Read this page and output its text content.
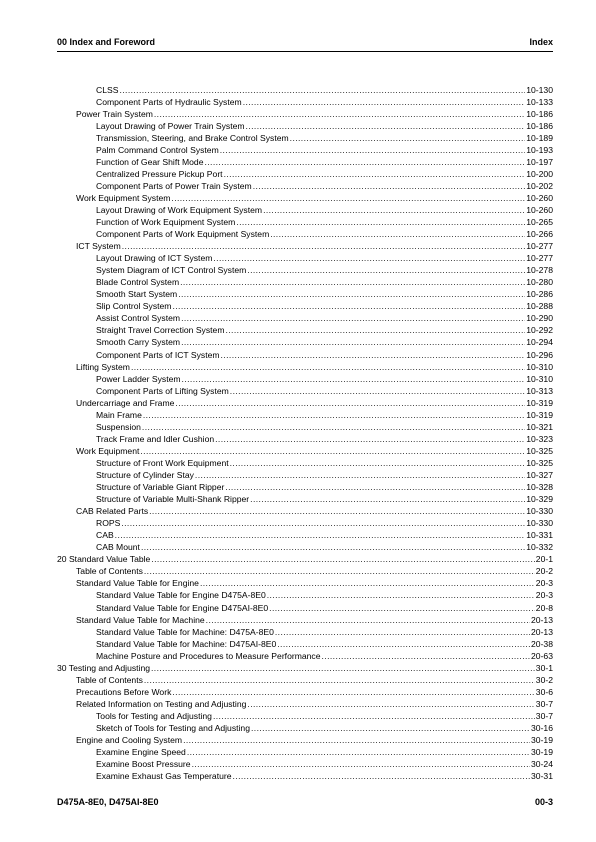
00 Index and Foreword	Index
CLSS .....	10-130
Component Parts of Hydraulic System .....	10-133
Power Train System .....	10-186
Layout Drawing of Power Train System .....	10-186
Transmission, Steering, and Brake Control System .....	10-189
Palm Command Control System .....	10-193
Function of Gear Shift Mode .....	10-197
Centralized Pressure Pickup Port .....	10-200
Component Parts of Power Train System .....	10-202
Work Equipment System .....	10-260
Layout Drawing of Work Equipment System .....	10-260
Function of Work Equipment System .....	10-265
Component Parts of Work Equipment System .....	10-266
ICT System .....	10-277
Layout Drawing of ICT System .....	10-277
System Diagram of ICT Control System .....	10-278
Blade Control System .....	10-280
Smooth Start System .....	10-286
Slip Control System .....	10-288
Assist Control System .....	10-290
Straight Travel Correction System .....	10-292
Smooth Carry System .....	10-294
Component Parts of ICT System .....	10-296
Lifting System .....	10-310
Power Ladder System .....	10-310
Component Parts of Lifting System .....	10-313
Undercarriage and Frame .....	10-319
Main Frame .....	10-319
Suspension .....	10-321
Track Frame and Idler Cushion .....	10-323
Work Equipment .....	10-325
Structure of Front Work Equipment .....	10-325
Structure of Cylinder Stay .....	10-327
Structure of Variable Giant Ripper .....	10-328
Structure of Variable Multi-Shank Ripper .....	10-329
CAB Related Parts .....	10-330
ROPS .....	10-330
CAB .....	10-331
CAB Mount .....	10-332
20 Standard Value Table .....	20-1
Table of Contents .....	20-2
Standard Value Table for Engine .....	20-3
Standard Value Table for Engine D475A-8E0 .....	20-3
Standard Value Table for Engine D475AI-8E0 .....	20-8
Standard Value Table for Machine .....	20-13
Standard Value Table for Machine: D475A-8E0 .....	20-13
Standard Value Table for Machine: D475AI-8E0 .....	20-38
Machine Posture and Procedures to Measure Performance .....	20-63
30 Testing and Adjusting .....	30-1
Table of Contents .....	30-2
Precautions Before Work .....	30-6
Related Information on Testing and Adjusting .....	30-7
Tools for Testing and Adjusting .....	30-7
Sketch of Tools for Testing and Adjusting .....	30-16
Engine and Cooling System .....	30-19
Examine Engine Speed .....	30-19
Examine Boost Pressure .....	30-24
Examine Exhaust Gas Temperature .....	30-31
D475A-8E0, D475AI-8E0	00-3
